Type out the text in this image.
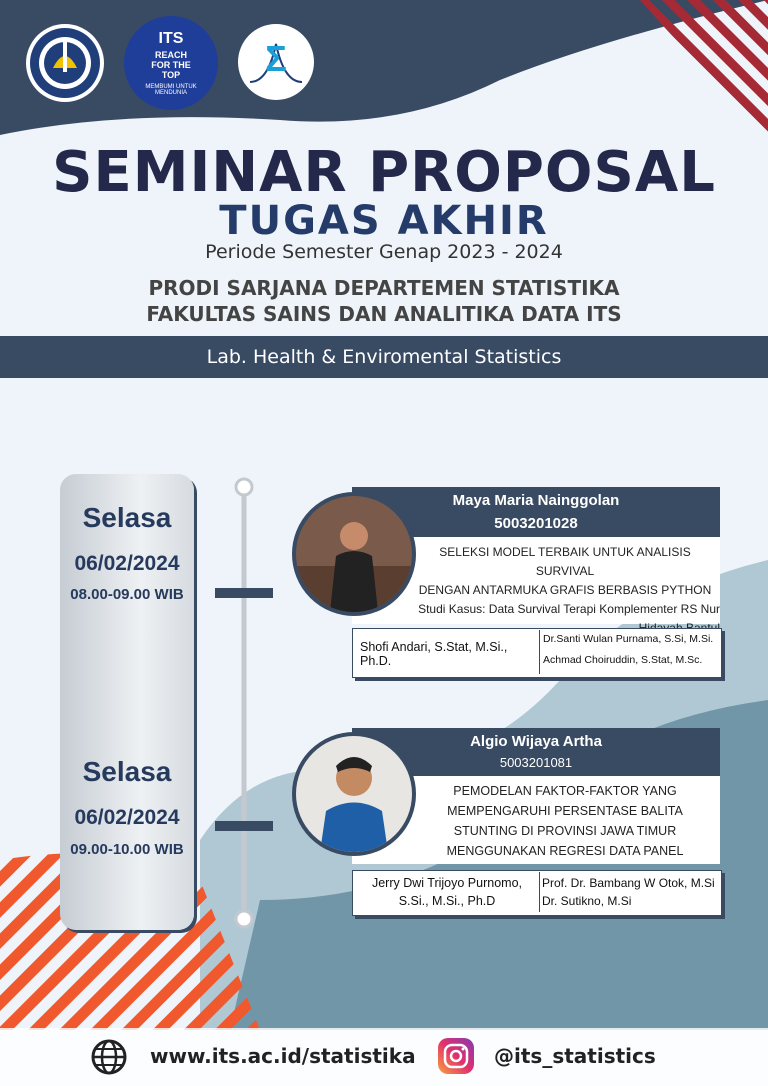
ITS
REACH FOR THE TOP
MEMBUMI UNTUK MENDUNIA
Σ
SEMINAR PROPOSAL
TUGAS AKHIR
Periode Semester Genap 2023 - 2024
PRODI SARJANA DEPARTEMEN STATISTIKA
FAKULTAS SAINS DAN ANALITIKA DATA ITS
Lab. Health & Enviromental Statistics
Selasa
06/02/2024
08.00-09.00 WIB
Selasa
06/02/2024
09.00-10.00 WIB
Maya Maria Nainggolan
5003201028
SELEKSI MODEL TERBAIK UNTUK ANALISIS SURVIVAL
DENGAN ANTARMUKA GRAFIS BERBASIS PYTHON
Studi Kasus: Data Survival Terapi Komplementer RS Nur
Shofi Andari, S.Stat, M.Si., Ph.D.
Dr.Santi Wulan Purnama, S.Si, M.Si.
Achmad Choiruddin, S.Stat, M.Sc.
Algio Wijaya Artha
5003201081
PEMODELAN FAKTOR-FAKTOR YANG
MEMPENGARUHI PERSENTASE BALITA
STUNTING DI PROVINSI JAWA TIMUR
MENGGUNAKAN REGRESI DATA PANEL
Jerry Dwi Trijoyo Purnomo,
S.Si., M.Si., Ph.D
Prof. Dr. Bambang W Otok, M.Si
Dr. Sutikno, M.Si
www.its.ac.id/statistika	@its_statistics
